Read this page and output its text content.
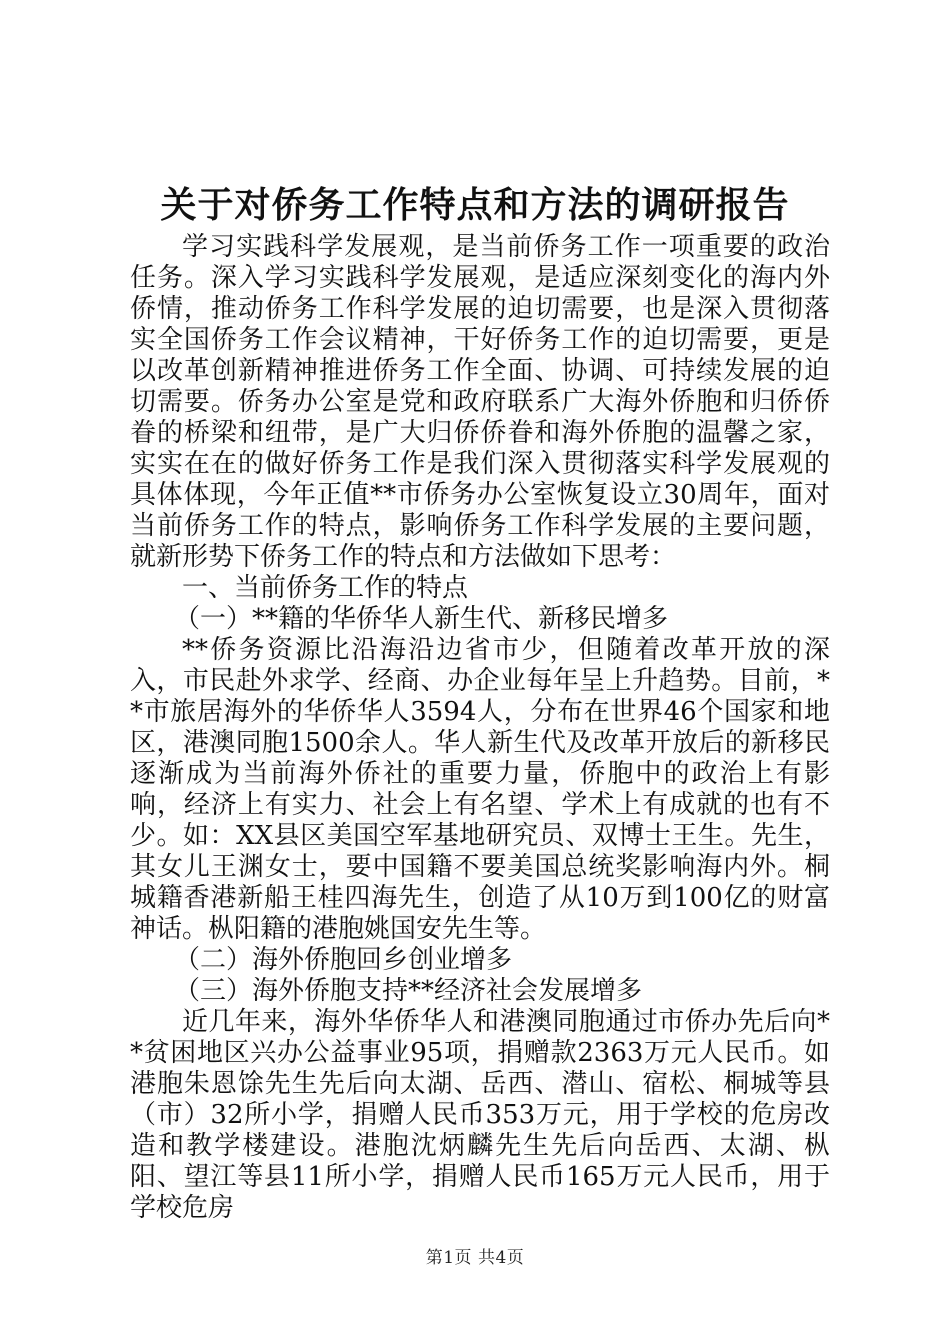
关于对侨务工作特点和方法的调研报告

学习实践科学发展观，是当前侨务工作一项重要的政治任务。深入学习实践科学发展观，是适应深刻变化的海内外侨情，推动侨务工作科学发展的迫切需要，也是深入贯彻落实全国侨务工作会议精神，干好侨务工作的迫切需要，更是以改革创新精神推进侨务工作全面、协调、可持续发展的迫切需要。侨务办公室是党和政府联系广大海外侨胞和归侨侨眷的桥梁和纽带，是广大归侨侨眷和海外侨胞的温馨之家，实实在在的做好侨务工作是我们深入贯彻落实科学发展观的具体体现，今年正值**市侨务办公室恢复设立30周年，面对当前侨务工作的特点，影响侨务工作科学发展的主要问题，就新形势下侨务工作的特点和方法做如下思考：

一、当前侨务工作的特点

（一）**籍的华侨华人新生代、新移民增多

**侨务资源比沿海沿边省市少，但随着改革开放的深入，市民赴外求学、经商、办企业每年呈上升趋势。目前，**市旅居海外的华侨华人3594人，分布在世界46个国家和地区，港澳同胞1500余人。华人新生代及改革开放后的新移民逐渐成为当前海外侨社的重要力量，侨胞中的政治上有影响，经济上有实力、社会上有名望、学术上有成就的也有不少。如：XX县区美国空军基地研究员、双博士王生。先生，其女儿王渊女士，要中国籍不要美国总统奖影响海内外。桐城籍香港新船王桂四海先生，创造了从10万到100亿的财富神话。枞阳籍的港胞姚国安先生等。

（二）海外侨胞回乡创业增多

（三）海外侨胞支持**经济社会发展增多

近几年来，海外华侨华人和港澳同胞通过市侨办先后向**贫困地区兴办公益事业95项，捐赠款2363万元人民币。如港胞朱恩馀先生先后向太湖、岳西、潜山、宿松、桐城等县（市）32所小学，捐赠人民币353万元，用于学校的危房改造和教学楼建设。港胞沈炳麟先生先后向岳西、太湖、枞阳、望江等县11所小学，捐赠人民币165万元人民币，用于学校危房

第1页 共4页
